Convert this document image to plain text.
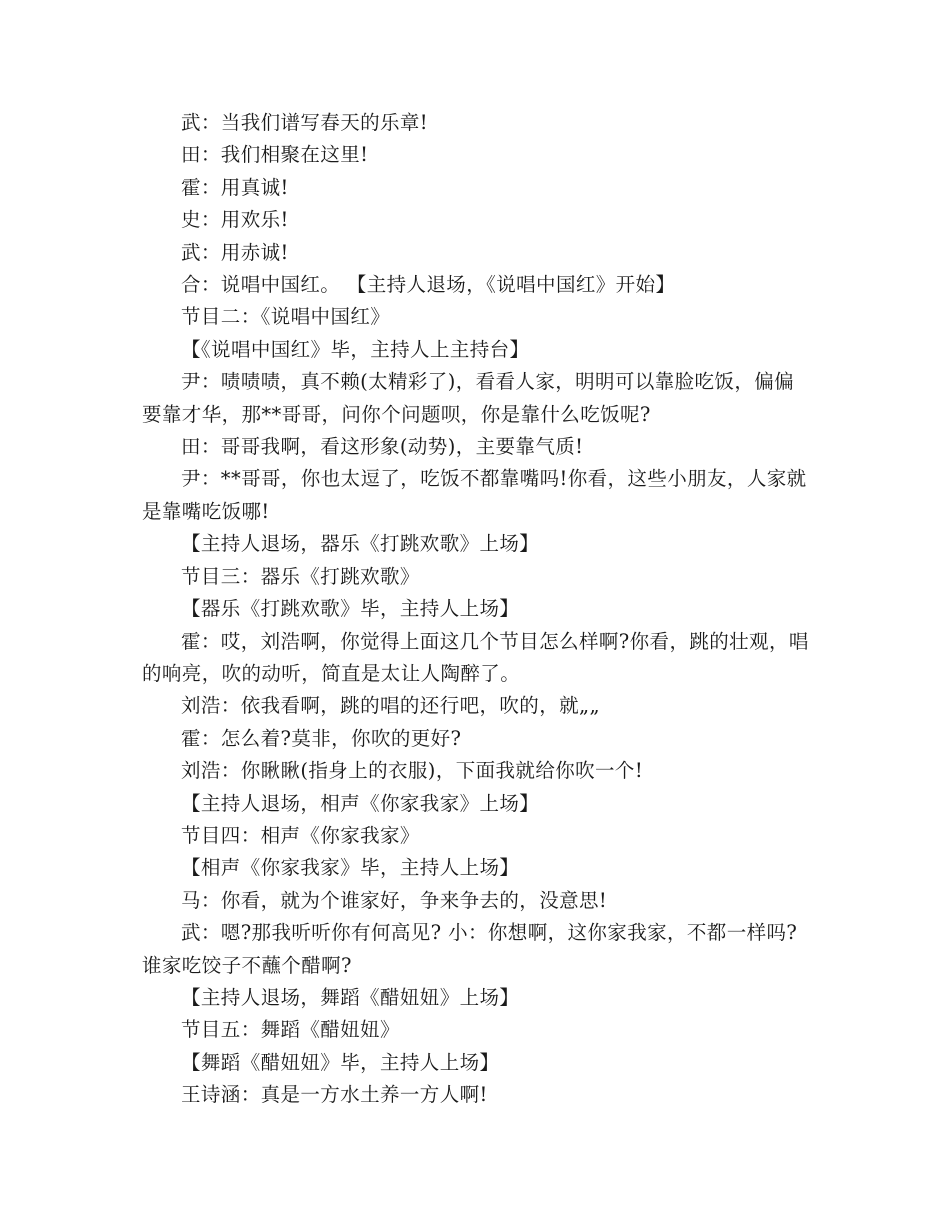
武：当我们谱写春天的乐章!

田：我们相聚在这里!

霍：用真诚!

史：用欢乐!

武：用赤诚!

合：说唱中国红。 【主持人退场，《说唱中国红》开始】

节目二：《说唱中国红》

【《说唱中国红》毕，主持人上主持台】

尹：啧啧啧，真不赖(太精彩了)，看看人家，明明可以靠脸吃饭，偏偏要靠才华，那**哥哥，问你个问题呗，你是靠什么吃饭呢?

田：哥哥我啊，看这形象(动势)，主要靠气质!

尹：**哥哥，你也太逗了，吃饭不都靠嘴吗!你看，这些小朋友，人家就是靠嘴吃饭哪!

【主持人退场，器乐《打跳欢歌》上场】

节目三：器乐《打跳欢歌》

【器乐《打跳欢歌》毕，主持人上场】

霍：哎，刘浩啊，你觉得上面这几个节目怎么样啊?你看，跳的壮观，唱的响亮，吹的动听，简直是太让人陶醉了。

刘浩：依我看啊，跳的唱的还行吧，吹的，就„„

霍：怎么着?莫非，你吹的更好?

刘浩：你瞅瞅(指身上的衣服)，下面我就给你吹一个!

【主持人退场，相声《你家我家》上场】

节目四：相声《你家我家》

【相声《你家我家》毕，主持人上场】

马：你看，就为个谁家好，争来争去的，没意思!

武：嗯?那我听听你有何高见? 小：你想啊，这你家我家，不都一样吗?谁家吃饺子不蘸个醋啊?

【主持人退场，舞蹈《醋妞妞》上场】

节目五：舞蹈《醋妞妞》

【舞蹈《醋妞妞》毕，主持人上场】

王诗涵：真是一方水土养一方人啊!
